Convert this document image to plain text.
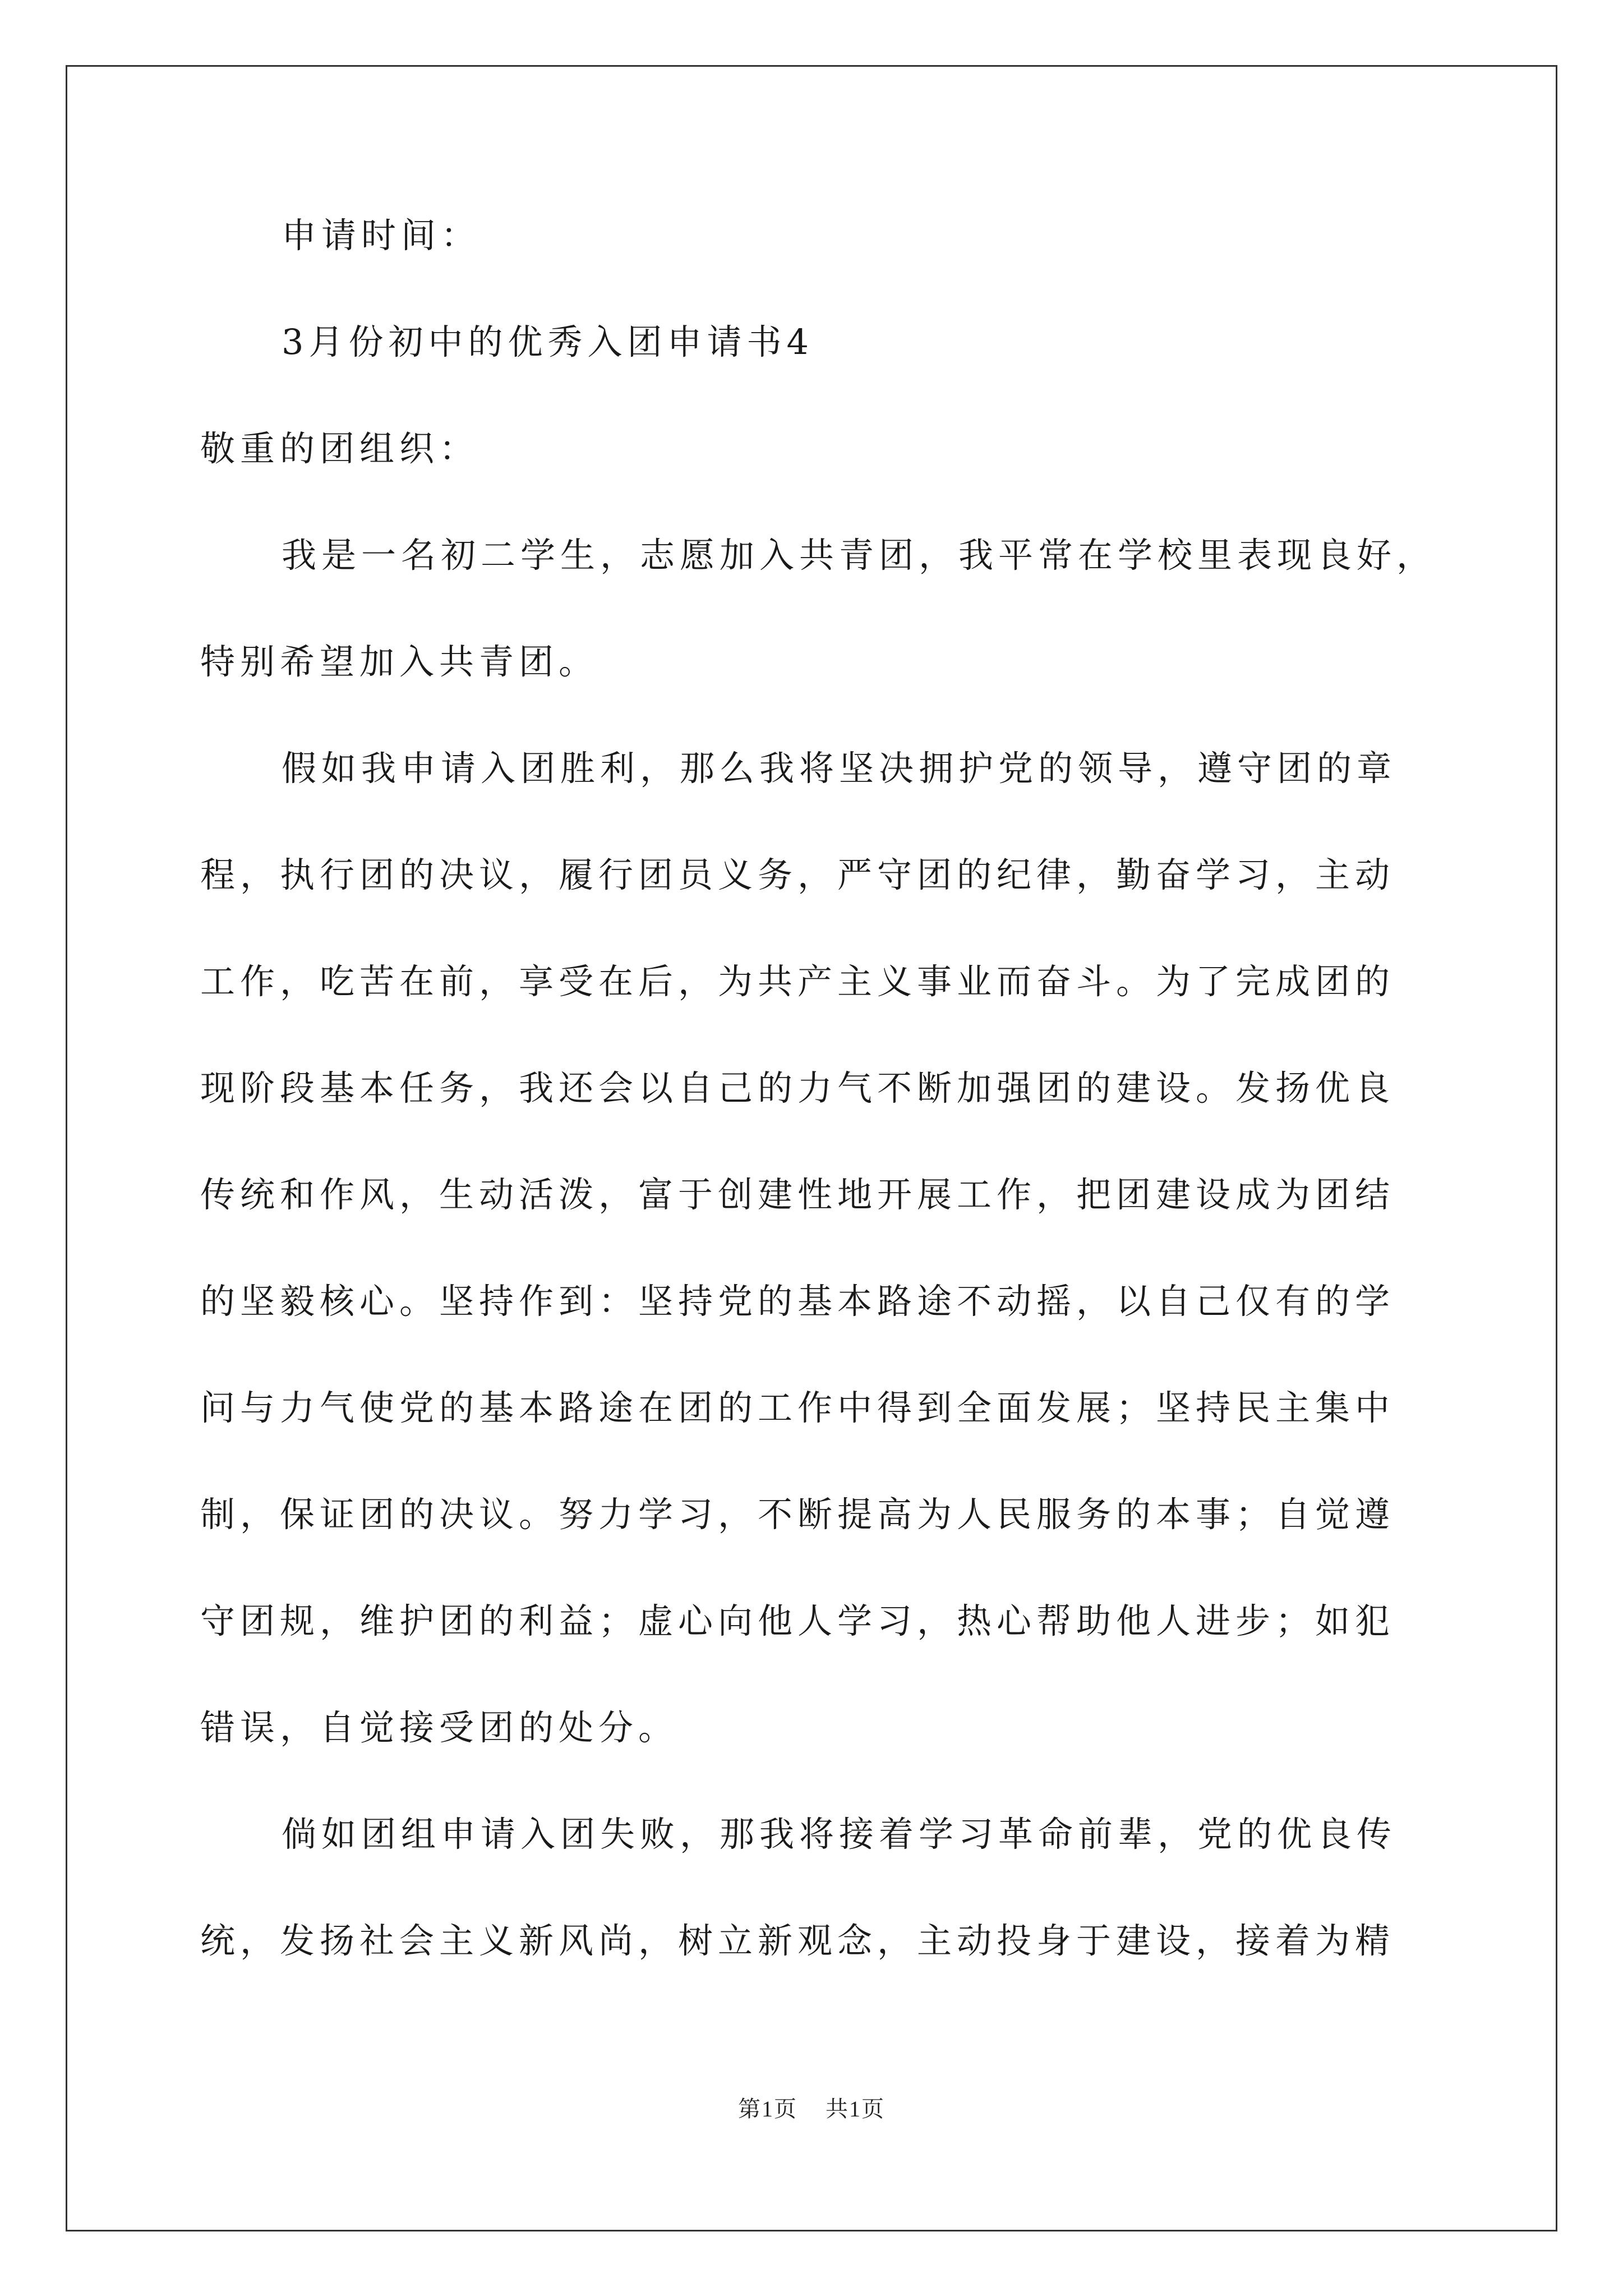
申请时间：
3月份初中的优秀入团申请书4
敬重的团组织：
我是一名初二学生，志愿加入共青团，我平常在学校里表现良好，
特别希望加入共青团。
假如我申请入团胜利，那么我将坚决拥护党的领导，遵守团的章
程，执行团的决议，履行团员义务，严守团的纪律，勤奋学习，主动
工作，吃苦在前，享受在后，为共产主义事业而奋斗。为了完成团的
现阶段基本任务，我还会以自己的力气不断加强团的建设。发扬优良
传统和作风，生动活泼，富于创建性地开展工作，把团建设成为团结
的坚毅核心。坚持作到：坚持党的基本路途不动摇，以自己仅有的学
问与力气使党的基本路途在团的工作中得到全面发展；坚持民主集中
制，保证团的决议。努力学习，不断提高为人民服务的本事；自觉遵
守团规，维护团的利益；虚心向他人学习，热心帮助他人进步；如犯
错误，自觉接受团的处分。
倘如团组申请入团失败，那我将接着学习革命前辈，党的优良传
统，发扬社会主义新风尚，树立新观念，主动投身于建设，接着为精
第1页 共1页
